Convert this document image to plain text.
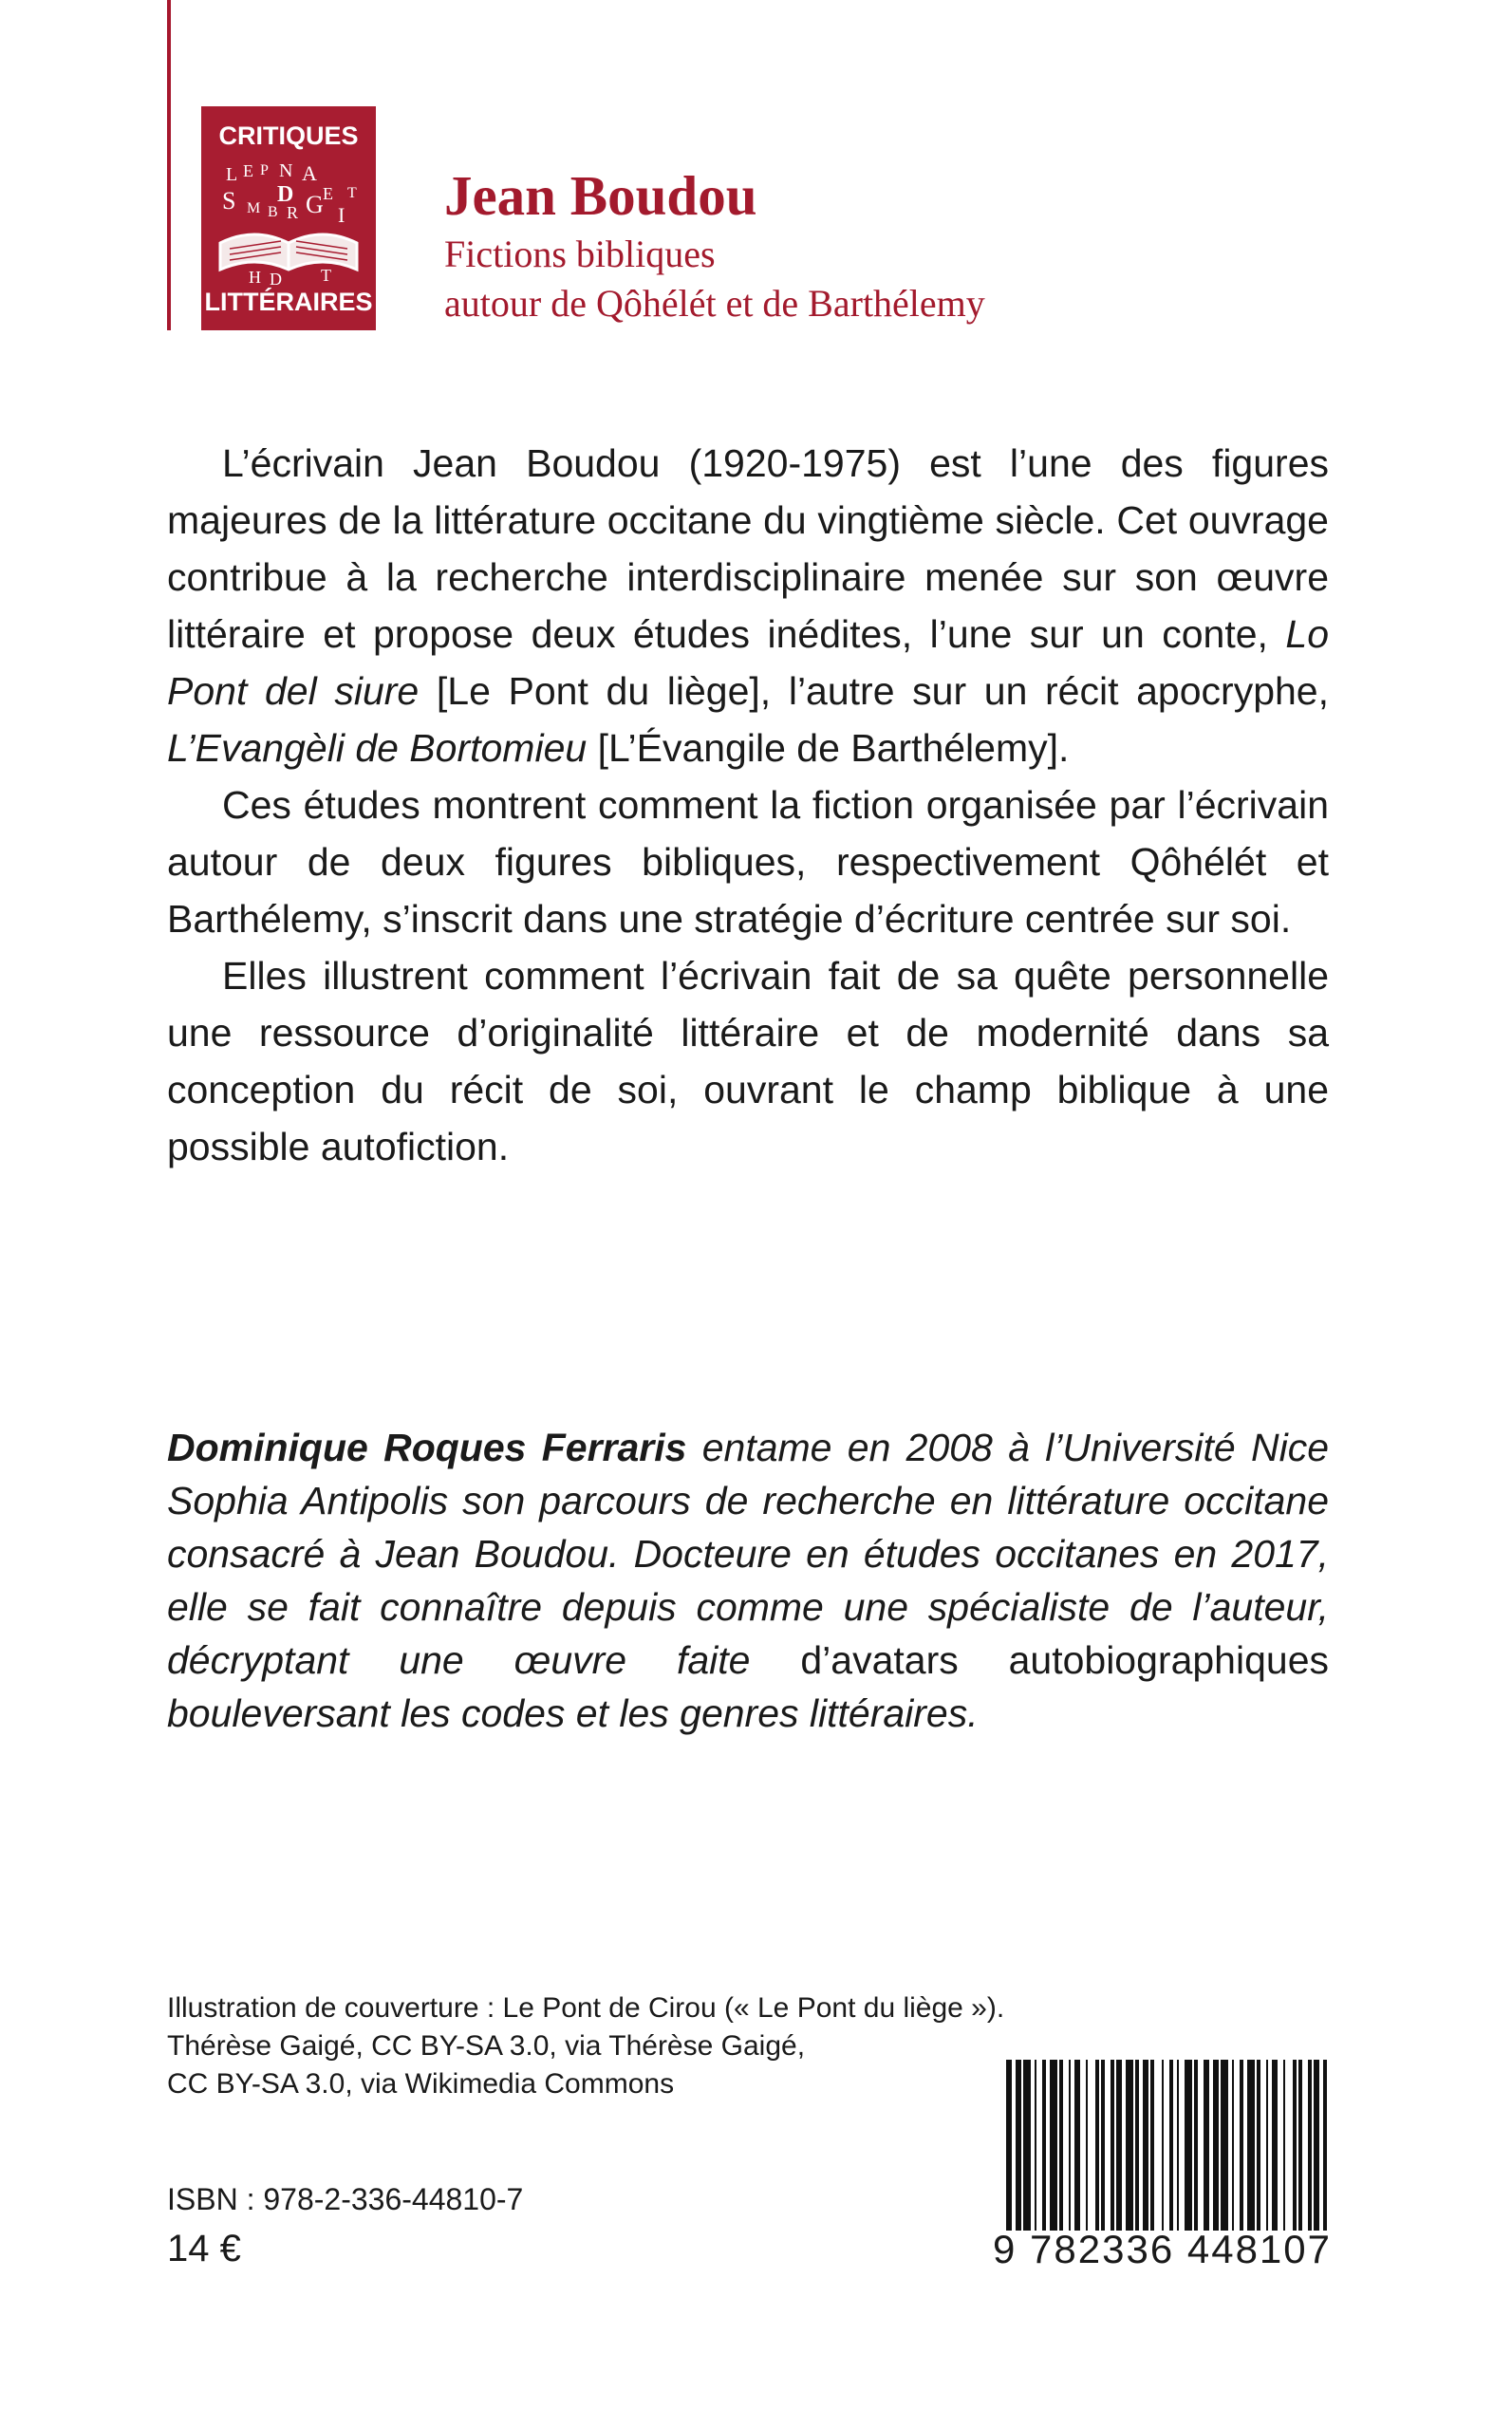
CRITIQUES
L E P N A
D E
S M B R G I
T
H D T
LITTÉRAIRES
Jean Boudou

Fictions bibliques

autour de Qôhélét et de Barthélemy

L’écrivain Jean Boudou (1920-1975) est l’une des figures majeures de la littérature occitane du vingtième siècle. Cet ouvrage contribue à la recherche interdisciplinaire menée sur son œuvre littéraire et propose deux études inédites, l’une sur un conte, Lo Pont del siure [Le Pont du liège], l’autre sur un récit apocryphe, L’Evangèli de Bortomieu [L’Évangile de Barthélemy].

Ces études montrent comment la fiction organisée par l’écrivain autour de deux figures bibliques, respectivement Qôhélét et Barthélemy, s’inscrit dans une stratégie d’écriture centrée sur soi.

Elles illustrent comment l’écrivain fait de sa quête personnelle une ressource d’originalité littéraire et de modernité dans sa conception du récit de soi, ouvrant le champ biblique à une possible autofiction.

Dominique Roques Ferraris entame en 2008 à l’Université Nice Sophia Antipolis son parcours de recherche en littérature occitane consacré à Jean Boudou. Docteure en études occitanes en 2017, elle se fait connaître depuis comme une spécialiste de l’auteur, décryptant une œuvre faite d’avatars autobiographiques bouleversant les codes et les genres littéraires.
Illustration de couverture : Le Pont de Cirou (« Le Pont du liège »).
Thérèse Gaigé, CC BY-SA 3.0, via Thérèse Gaigé,
CC BY-SA 3.0, via Wikimedia Commons
ISBN : 978-2-336-44810-7
14 €	9 782336 448107
